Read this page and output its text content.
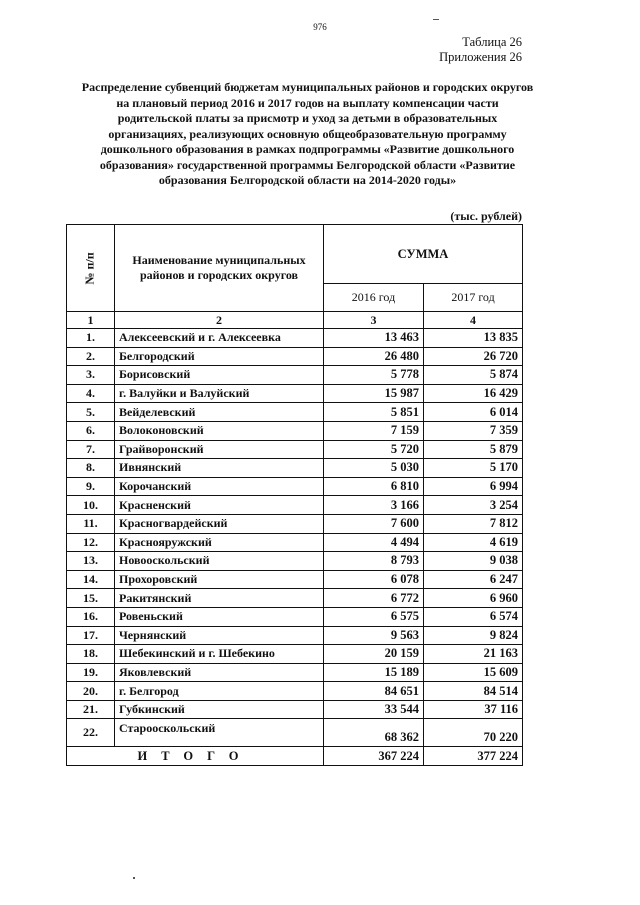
976
Таблица 26
Приложения 26
Распределение субвенций бюджетам муниципальных районов и городских округов на плановый период 2016 и 2017 годов на выплату компенсации части родительской платы за присмотр и уход за детьми в образовательных организациях, реализующих основную общеобразовательную программу дошкольного образования в рамках подпрограммы «Развитие дошкольного образования» государственной программы Белгородской области «Развитие образования Белгородской области на 2014-2020 годы»
(тыс. рублей)
№ п/п	Наименование муниципальных районов и городских округов	СУММА	
		2016 год	2017 год
1	2	3	4
1.	Алексеевский и г. Алексеевка	13 463	13 835
2.	Белгородский	26 480	26 720
3.	Борисовский	5 778	5 874
4.	г. Валуйки и Валуйский	15 987	16 429
5.	Вейделевский	5 851	6 014
6.	Волоконовский	7 159	7 359
7.	Грайворонский	5 720	5 879
8.	Ивнянский	5 030	5 170
9.	Корочанский	6 810	6 994
10.	Красненский	3 166	3 254
11.	Красногвардейский	7 600	7 812
12.	Краснояружский	4 494	4 619
13.	Новооскольский	8 793	9 038
14.	Прохоровский	6 078	6 247
15.	Ракитянский	6 772	6 960
16.	Ровеньский	6 575	6 574
17.	Чернянский	9 563	9 824
18.	Шебекинский и г. Шебекино	20 159	21 163
19.	Яковлевский	15 189	15 609
20.	г. Белгород	84 651	84 514
21.	Губкинский	33 544	37 116
22.	Старооскольский	68 362	70 220
ИТОГО		367 224	377 224
